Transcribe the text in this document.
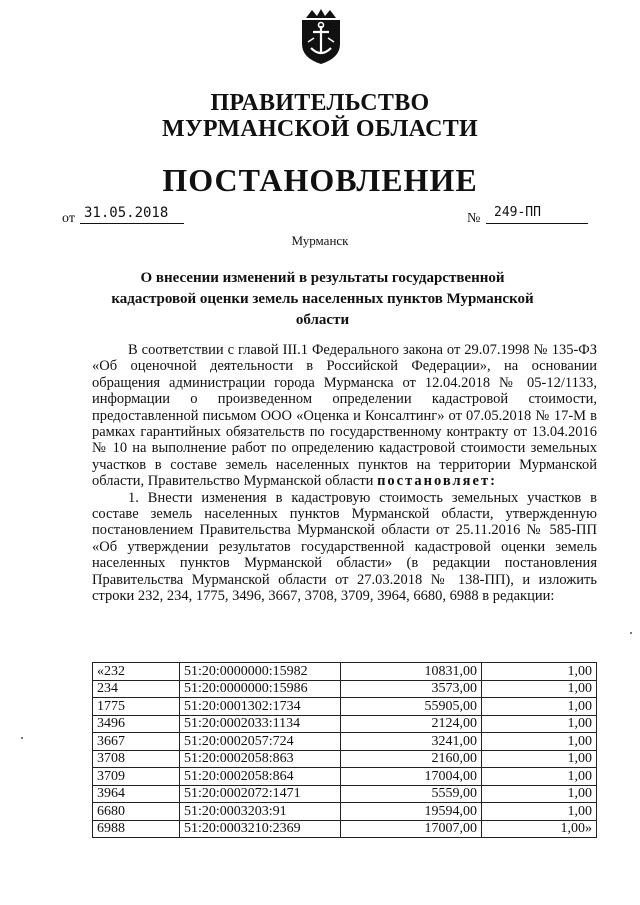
ПРАВИТЕЛЬСТВО
МУРМАНСКОЙ ОБЛАСТИ
ПОСТАНОВЛЕНИЕ
от 31.05.2018	№	249-ПП
Мурманск
О внесении изменений в результаты государственной кадастровой оценки земель населенных пунктов Мурманской области

В соответствии с главой III.1 Федерального закона от 29.07.1998 № 135-ФЗ «Об оценочной деятельности в Российской Федерации», на основании обращения администрации города Мурманска от 12.04.2018 № 05-12/1133, информации о произведенном определении кадастровой стоимости, предоставленной письмом ООО «Оценка и Консалтинг» от 07.05.2018 № 17-М в рамках гарантийных обязательств по государственному контракту от 13.04.2016 № 10 на выполнение работ по определению кадастровой стоимости земельных участков в составе земель населенных пунктов на территории Мурманской области, Правительство Мурманской области постановляет:

1. Внести изменения в кадастровую стоимость земельных участков в составе земель населенных пунктов Мурманской области, утвержденную постановлением Правительства Мурманской области от 25.11.2016 № 585-ПП «Об утверждении результатов государственной кадастровой оценки земель населенных пунктов Мурманской области» (в редакции постановления Правительства Мурманской области от 27.03.2018 № 138-ПП), и изложить строки 232, 234, 1775, 3496, 3667, 3708, 3709, 3964, 6680, 6988 в редакции:

«232	51:20:0000000:15982	10831,00	1,00
234	51:20:0000000:15986	3573,00	1,00
1775	51:20:0001302:1734	55905,00	1,00
3496	51:20:0002033:1134	2124,00	1,00
3667	51:20:0002057:724	3241,00	1,00
3708	51:20:0002058:863	2160,00	1,00
3709	51:20:0002058:864	17004,00	1,00
3964	51:20:0002072:1471	5559,00	1,00
6680	51:20:0003203:91	19594,00	1,00
6988	51:20:0003210:2369	17007,00	1,00»
